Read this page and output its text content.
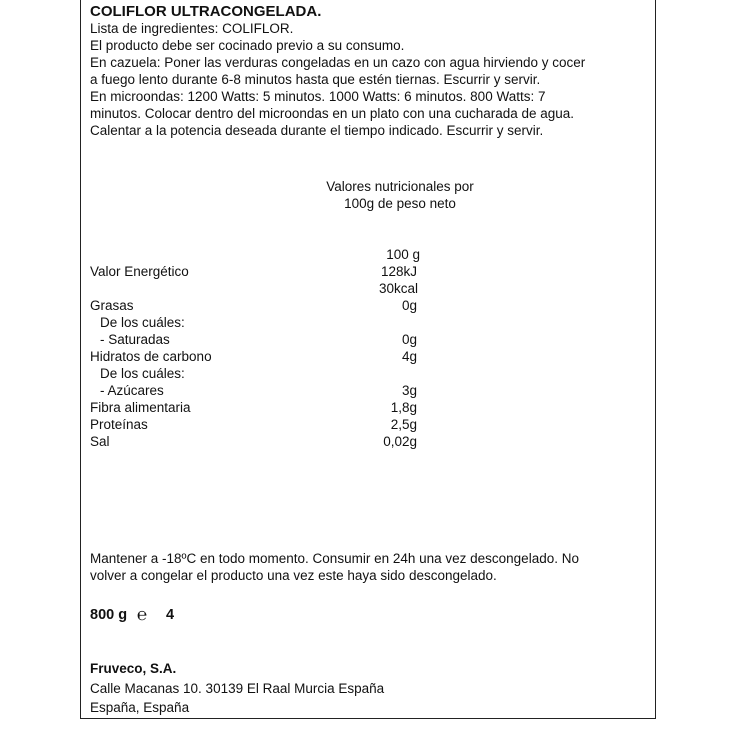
COLIFLOR ULTRACONGELADA.
Lista de ingredientes: COLIFLOR.
El producto debe ser cocinado previo a su consumo.
En cazuela: Poner las verduras congeladas en un cazo con agua hirviendo y cocer
a fuego lento durante 6-8 minutos hasta que estén tiernas. Escurrir y servir.
En microondas: 1200 Watts: 5 minutos. 1000 Watts: 6 minutos. 800 Watts: 7
minutos. Colocar dentro del microondas en un plato con una cucharada de agua.
Calentar a la potencia deseada durante el tiempo indicado. Escurrir y servir.
Valores nutricionales por
100g de peso neto
100 g
Valor Energético	128kJ
30kcal
Grasas	0g
De los cuáles:
- Saturadas	0g
Hidratos de carbono	4g
De los cuáles:
- Azúcares	3g
Fibra alimentaria	1,8g
Proteínas	2,5g
Sal	0,02g
Mantener a -18ºC en todo momento. Consumir en 24h una vez descongelado. No
volver a congelar el producto una vez este haya sido descongelado.
800 g ℮ 4
Fruveco, S.A.
Calle Macanas 10. 30139 El Raal Murcia España
España, España
